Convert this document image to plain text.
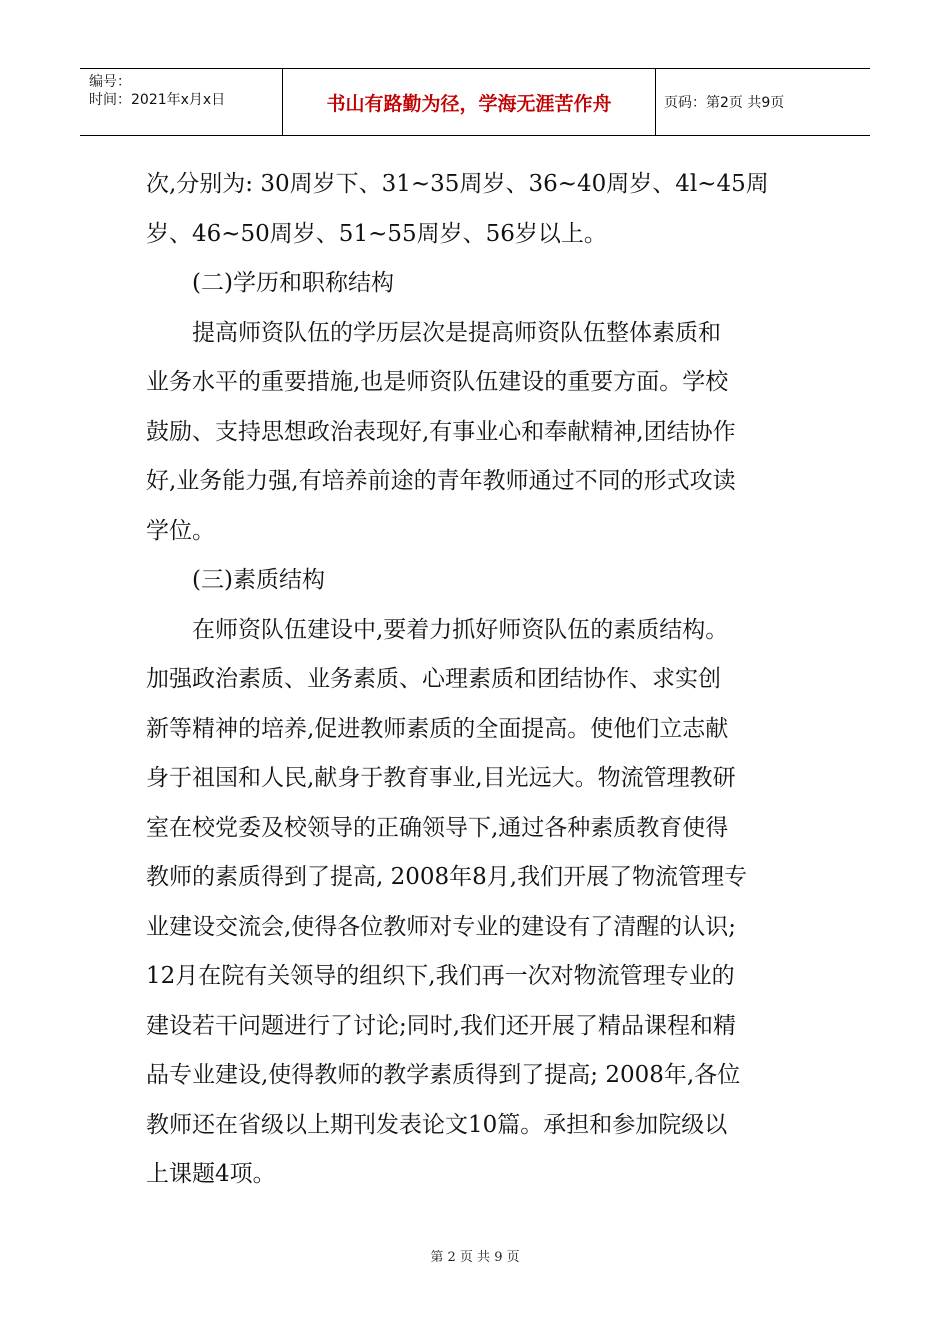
编号：
时间：2021年x月x日	书山有路勤为径，学海无涯苦作舟	页码：第2页 共9页
次,分别为: 30周岁下、31~35周岁、36~40周岁、4l~45周
岁、46~50周岁、51~55周岁、56岁以上。
(二)学历和职称结构
提高师资队伍的学历层次是提高师资队伍整体素质和
业务水平的重要措施,也是师资队伍建设的重要方面。学校
鼓励、支持思想政治表现好,有事业心和奉献精神,团结协作
好,业务能力强,有培养前途的青年教师通过不同的形式攻读
学位。
(三)素质结构
在师资队伍建设中,要着力抓好师资队伍的素质结构。
加强政治素质、业务素质、心理素质和团结协作、求实创
新等精神的培养,促进教师素质的全面提高。使他们立志献
身于祖国和人民,献身于教育事业,目光远大。物流管理教研
室在校党委及校领导的正确领导下,通过各种素质教育使得
教师的素质得到了提高, 2008年8月,我们开展了物流管理专
业建设交流会,使得各位教师对专业的建设有了清醒的认识;
12月在院有关领导的组织下,我们再一次对物流管理专业的
建设若干问题进行了讨论;同时,我们还开展了精品课程和精
品专业建设,使得教师的教学素质得到了提高; 2008年,各位
教师还在省级以上期刊发表论文10篇。承担和参加院级以
上课题4项。
第 2 页 共 9 页
